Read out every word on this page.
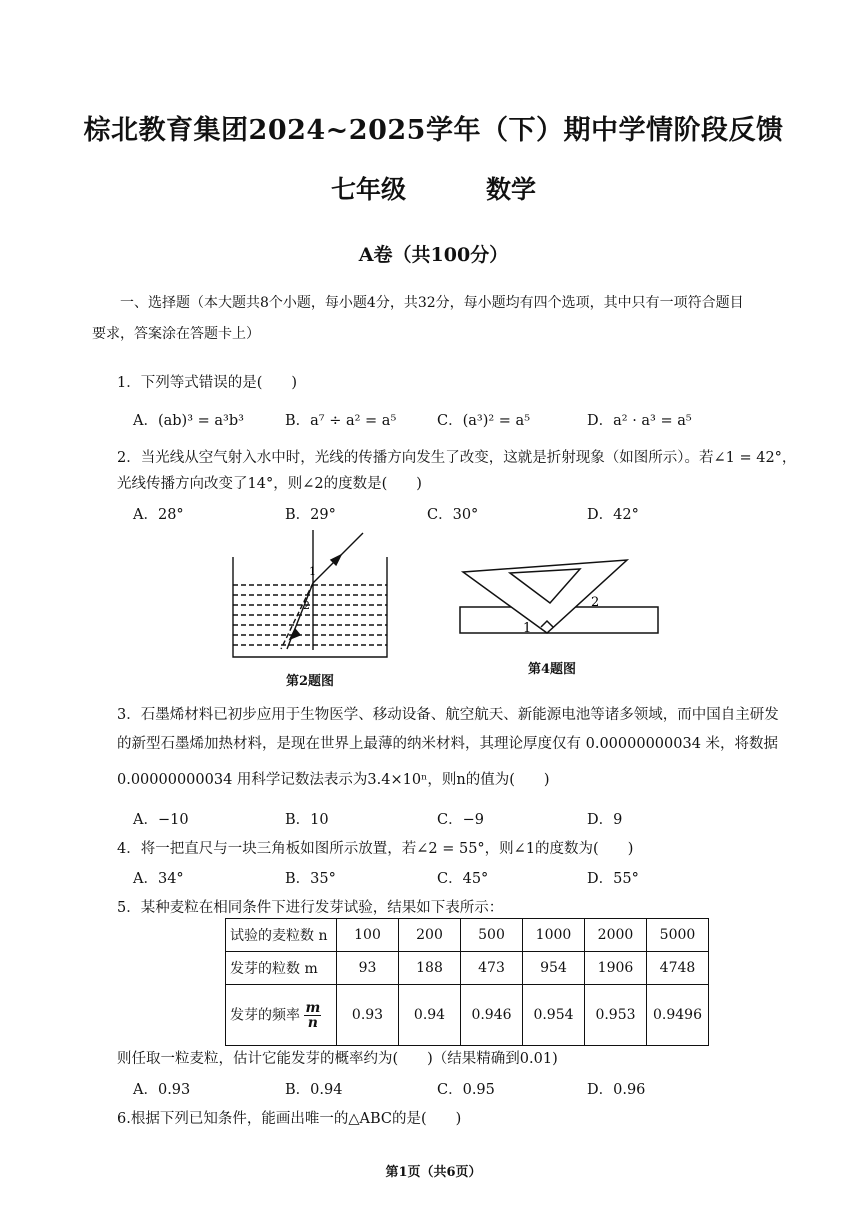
棕北教育集团2024~2025学年（下）期中学情阶段反馈
七年级	数学
A卷（共100分）
一、选择题（本大题共8个小题，每小题4分，共32分，每小题均有四个选项，其中只有一项符合题目
要求，答案涂在答题卡上）
1．下列等式错误的是(　　)
A．(ab)³ = a³b³	B．a⁷ ÷ a² = a⁵	C．(a³)² = a⁵	D．a² · a³ = a⁵
2．当光线从空气射入水中时，光线的传播方向发生了改变，这就是折射现象（如图所示）。若∠1 = 42°，
光线传播方向改变了14°，则∠2的度数是(　　)
A．28°	B．29°	C．30°	D．42°
1
2
第2题图
2
1
第4题图
3．石墨烯材料已初步应用于生物医学、移动设备、航空航天、新能源电池等诸多领域，而中国自主研发
的新型石墨烯加热材料，是现在世界上最薄的纳米材料，其理论厚度仅有 0.00000000034 米，将数据
0.00000000034 用科学记数法表示为3.4×10ⁿ，则n的值为(　　)
A．−10	B．10	C．−9	D．9
4．将一把直尺与一块三角板如图所示放置，若∠2 = 55°，则∠1的度数为(　　)
A．34°	B．35°	C．45°	D．55°
5．某种麦粒在相同条件下进行发芽试验，结果如下表所示：
试验的麦粒数 n	100	200	500	1000	2000	5000
发芽的粒数 m	93	188	473	954	1906	4748
发芽的频率 $\frac{m}{n}$	0.93	0.94	0.946	0.954	0.953	0.9496
则任取一粒麦粒，估计它能发芽的概率约为(　　)（结果精确到0.01)
A．0.93	B．0.94	C．0.95	D．0.96
6.根据下列已知条件，能画出唯一的△ABC的是(　　)
第1页（共6页）
